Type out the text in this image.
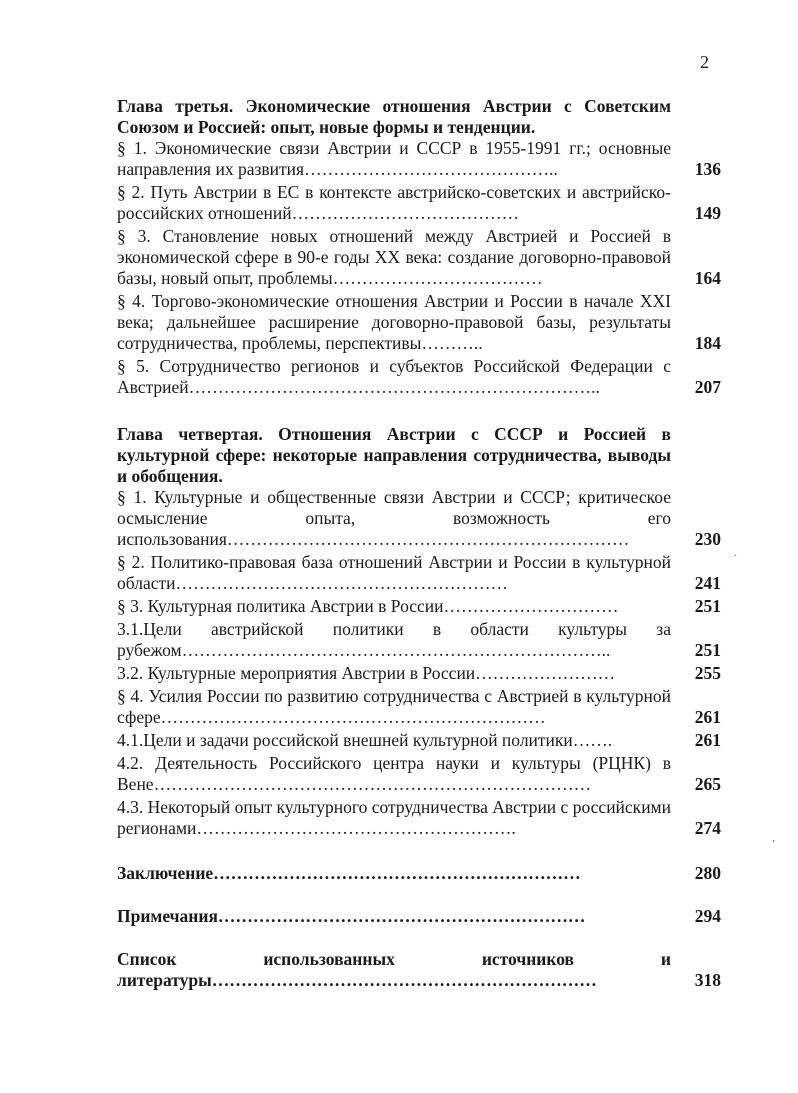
2
Глава третья. Экономические отношения Австрии с Советским Союзом и Россией: опыт, новые формы и тенденции.
§ 1. Экономические связи Австрии и СССР в 1955-1991 гг.; основные направления их развития……………………………………..	136
§ 2. Путь Австрии в ЕС в контексте австрийско-советских и австрийско-российских отношений…………………………………	149
§ 3. Становление новых отношений между Австрией и Россией в экономической сфере в 90-е годы XX века: создание договорно-правовой базы, новый опыт, проблемы………………………………	164
§ 4. Торгово-экономические отношения Австрии и России в начале XXI века; дальнейшее расширение договорно-правовой базы, результаты сотрудничества, проблемы, перспективы………..	184
§ 5. Сотрудничество регионов и субъектов Российской Федерации с Австрией……………………………………………………………..	207
Глава четвертая. Отношения Австрии с СССР и Россией в культурной сфере: некоторые направления сотрудничества, выводы и обобщения.
§ 1. Культурные и общественные связи Австрии и СССР; критическое осмысление опыта, возможность его использования……………………………………………………………	230
§ 2. Политико-правовая база отношений Австрии и России в культурной области…………………………………………………	241
§ 3. Культурная политика Австрии в России…………………………	251
3.1.Цели австрийской политики в области культуры за рубежом………………………………………………………………..	251
3.2. Культурные мероприятия Австрии в России……………………	255
§ 4. Усилия России по развитию сотрудничества с Австрией в культурной сфере…………………………………………………………	261
4.1.Цели и задачи российской внешней культурной политики…….	261
4.2. Деятельность Российского центра науки и культуры (РЦНК) в Вене…………………………………………………………………	265
4.3. Некоторый опыт культурного сотрудничества Австрии с российскими регионами……………………………………………….	274
Заключение………………………………………………………	280
Примечания………………………………………………………	294
Список использованных источников и литературы…………………………………………………………	318
·
’
